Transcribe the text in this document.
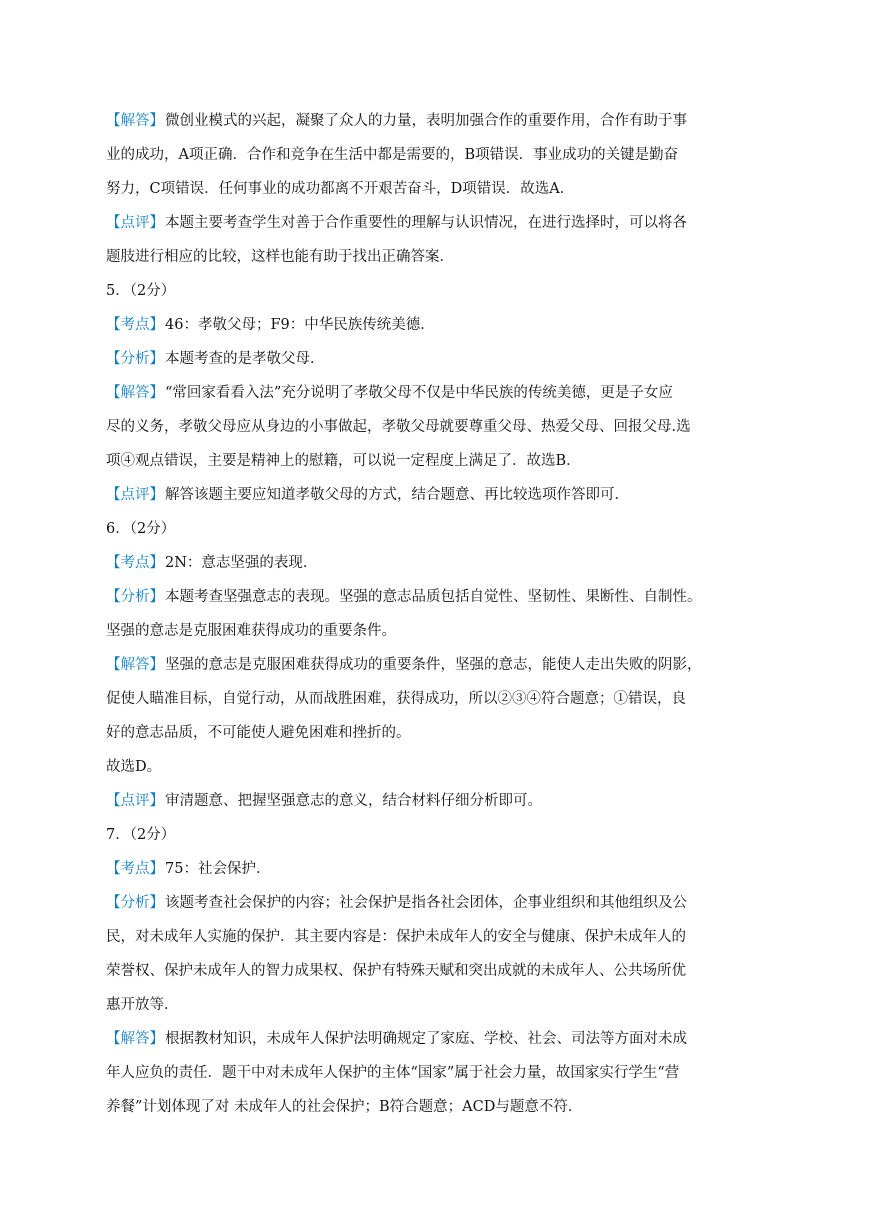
【解答】微创业模式的兴起，凝聚了众人的力量，表明加强合作的重要作用，合作有助于事
业的成功，A项正确．合作和竞争在生活中都是需要的，B项错误．事业成功的关键是勤奋
努力，C项错误．任何事业的成功都离不开艰苦奋斗，D项错误．故选A．
【点评】本题主要考查学生对善于合作重要性的理解与认识情况，在进行选择时，可以将各
题肢进行相应的比较，这样也能有助于找出正确答案．
5．（2分）
【考点】46：孝敬父母；F9：中华民族传统美德．
【分析】本题考查的是孝敬父母．
【解答】“常回家看看入法”充分说明了孝敬父母不仅是中华民族的传统美德，更是子女应
尽的义务，孝敬父母应从身边的小事做起，孝敬父母就要尊重父母、热爱父母、回报父母.选
项④观点错误，主要是精神上的慰籍，可以说一定程度上满足了．故选B．
【点评】解答该题主要应知道孝敬父母的方式，结合题意、再比较选项作答即可．
6．（2分）
【考点】2N：意志坚强的表现．
【分析】本题考查坚强意志的表现。坚强的意志品质包括自觉性、坚韧性、果断性、自制性。
坚强的意志是克服困难获得成功的重要条件。
【解答】坚强的意志是克服困难获得成功的重要条件，坚强的意志，能使人走出失败的阴影，
促使人瞄准目标，自觉行动，从而战胜困难，获得成功，所以②③④符合题意；①错误，良
好的意志品质，不可能使人避免困难和挫折的。
故选D。
【点评】审清题意、把握坚强意志的意义，结合材料仔细分析即可。
7．（2分）
【考点】75：社会保护．
【分析】该题考查社会保护的内容；社会保护是指各社会团体，企事业组织和其他组织及公
民，对未成年人实施的保护．其主要内容是：保护未成年人的安全与健康、保护未成年人的
荣誉权、保护未成年人的智力成果权、保护有特殊天赋和突出成就的未成年人、公共场所优
惠开放等．
【解答】根据教材知识，未成年人保护法明确规定了家庭、学校、社会、司法等方面对未成
年人应负的责任．题干中对未成年人保护的主体“国家”属于社会力量，故国家实行学生“营
养餐”计划体现了对 未成年人的社会保护；B符合题意；ACD与题意不符．
